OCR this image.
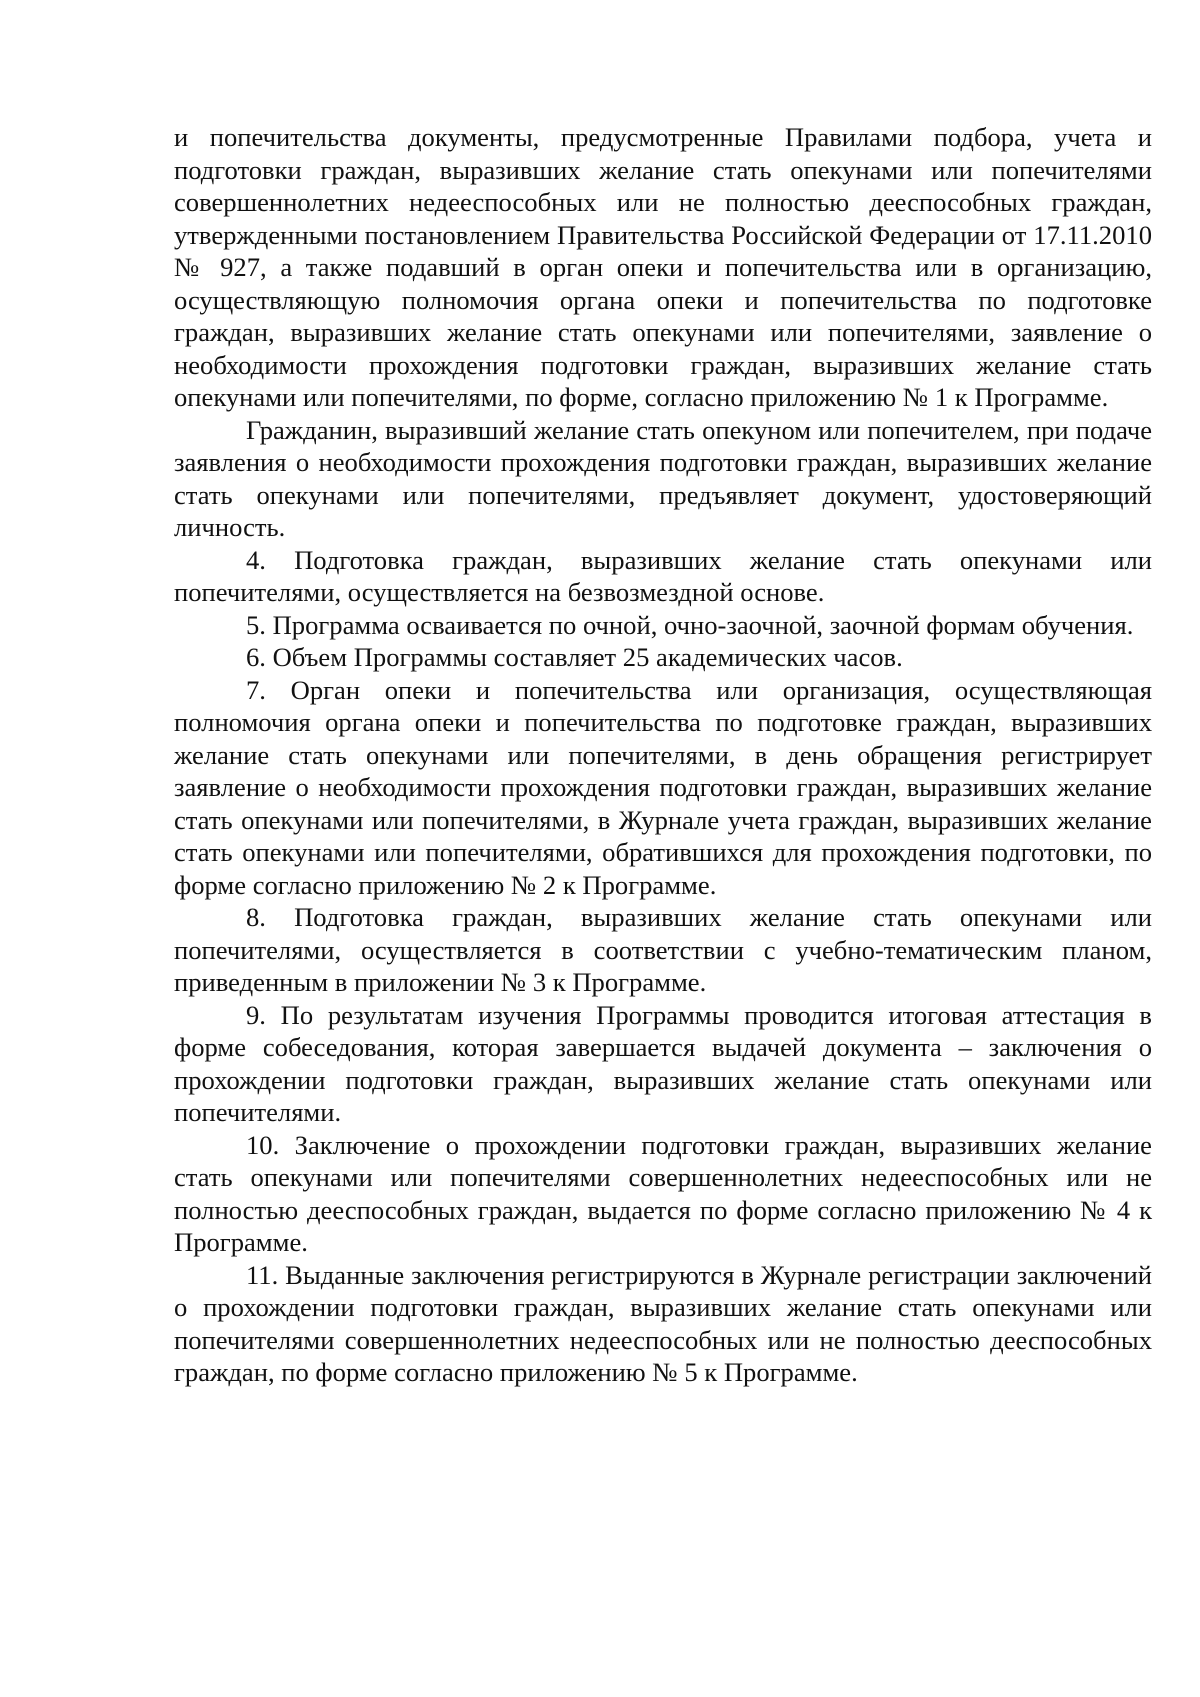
и попечительства документы, предусмотренные Правилами подбора, учета и подготовки граждан, выразивших желание стать опекунами или попечителями совершеннолетних недееспособных или не полностью дееспособных граждан, утвержденными постановлением Правительства Российской Федерации от 17.11.2010 № 927, а также подавший в орган опеки и попечительства или в организацию, осуществляющую полномочия органа опеки и попечительства по подготовке граждан, выразивших желание стать опекунами или попечителями, заявление о необходимости прохождения подготовки граждан, выразивших желание стать опекунами или попечителями, по форме, согласно приложению № 1 к Программе.

Гражданин, выразивший желание стать опекуном или попечителем, при подаче заявления о необходимости прохождения подготовки граждан, выразивших желание стать опекунами или попечителями, предъявляет документ, удостоверяющий личность.

4. Подготовка граждан, выразивших желание стать опекунами или попечителями, осуществляется на безвозмездной основе.

5. Программа осваивается по очной, очно-заочной, заочной формам обучения.

6. Объем Программы составляет 25 академических часов.

7. Орган опеки и попечительства или организация, осуществляющая полномочия органа опеки и попечительства по подготовке граждан, выразивших желание стать опекунами или попечителями, в день обращения регистрирует заявление о необходимости прохождения подготовки граждан, выразивших желание стать опекунами или попечителями, в Журнале учета граждан, выразивших желание стать опекунами или попечителями, обратившихся для прохождения подготовки, по форме согласно приложению № 2 к Программе.

8. Подготовка граждан, выразивших желание стать опекунами или попечителями, осуществляется в соответствии с учебно-тематическим планом, приведенным в приложении № 3 к Программе.

9. По результатам изучения Программы проводится итоговая аттестация в форме собеседования, которая завершается выдачей документа – заключения о прохождении подготовки граждан, выразивших желание стать опекунами или попечителями.

10. Заключение о прохождении подготовки граждан, выразивших желание стать опекунами или попечителями совершеннолетних недееспособных или не полностью дееспособных граждан, выдается по форме согласно приложению № 4 к Программе.

11. Выданные заключения регистрируются в Журнале регистрации заключений о прохождении подготовки граждан, выразивших желание стать опекунами или попечителями совершеннолетних недееспособных или не полностью дееспособных граждан, по форме согласно приложению № 5 к Программе.
